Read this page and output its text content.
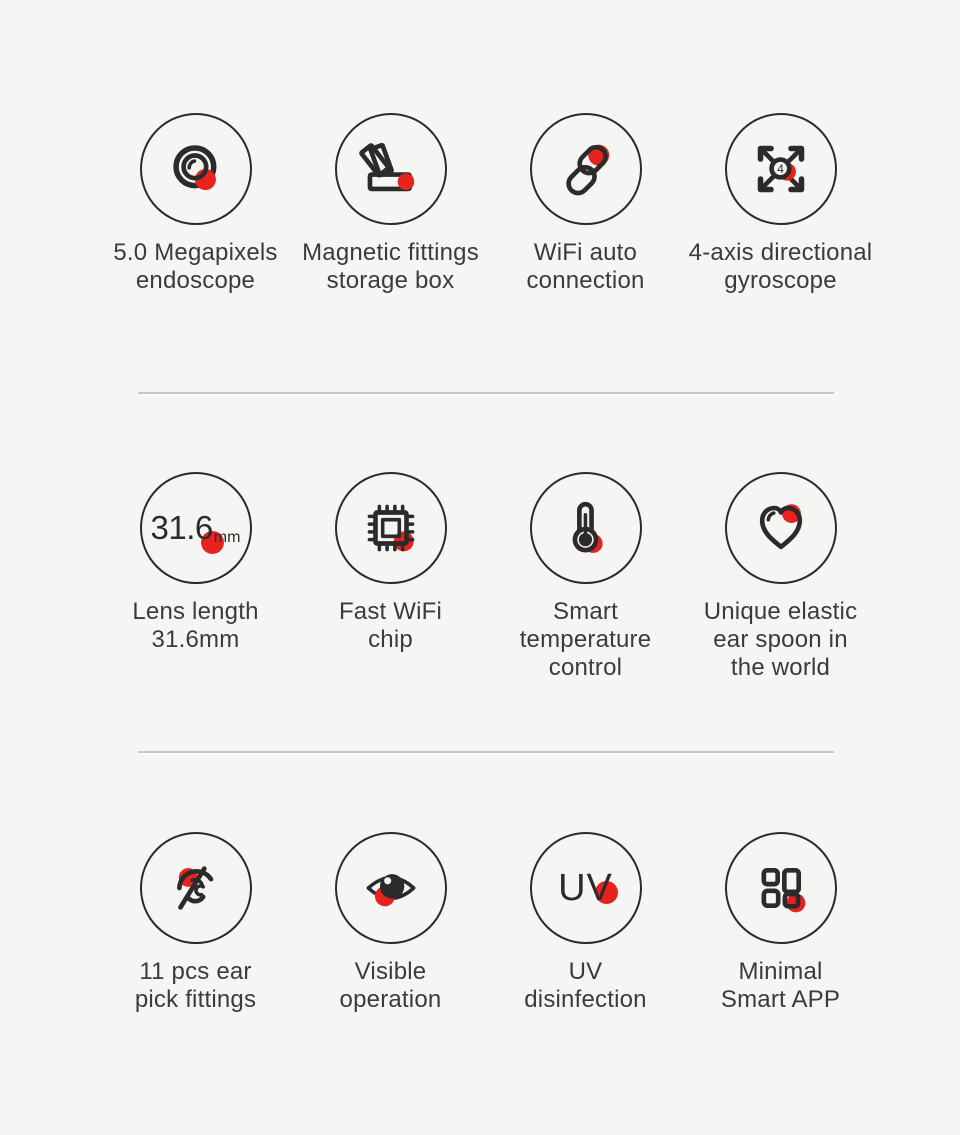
5.0 Megapixels
endoscope
Magnetic fittings
storage box
WiFi auto
connection
4
4-axis directional
gyroscope
31.6 mm
Lens length
31.6mm
Fast WiFi
chip
Smart
temperature
control
Unique elastic
ear spoon in
the world
11 pcs ear
pick fittings
Visible
operation
UV
UV
disinfection
Minimal
Smart APP
